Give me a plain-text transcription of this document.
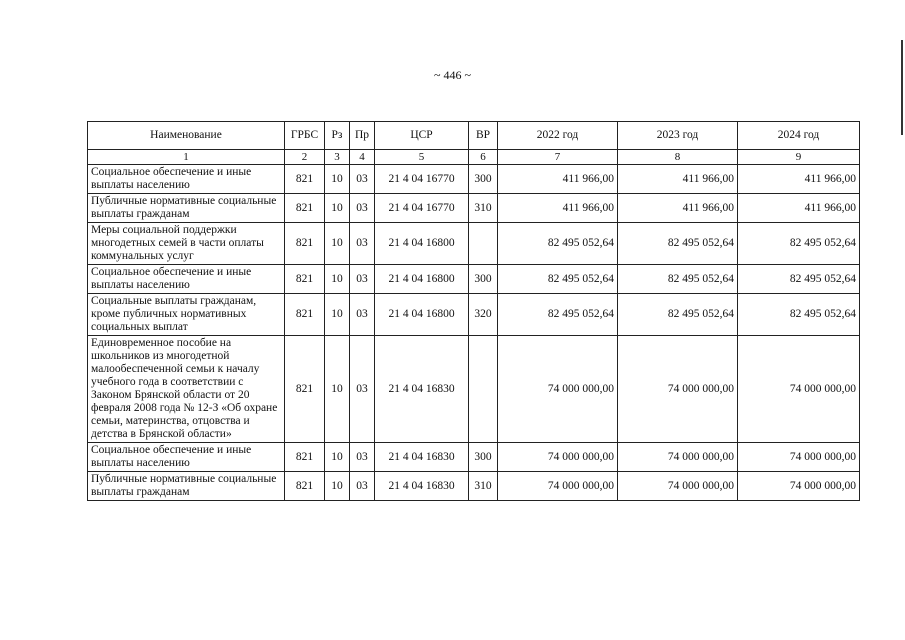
~ 446 ~
Наименование	ГРБС	Рз	Пр	ЦСР	ВР	2022 год	2023 год	2024 год
1	2	3	4	5	6	7	8	9
Социальное обеспечение и иные выплаты населению	821	10	03	21 4 04 16770	300	411 966,00	411 966,00	411 966,00
Публичные нормативные социальные выплаты гражданам	821	10	03	21 4 04 16770	310	411 966,00	411 966,00	411 966,00
Меры социальной поддержки многодетных семей в части оплаты коммунальных услуг	821	10	03	21 4 04 16800		82 495 052,64	82 495 052,64	82 495 052,64
Социальное обеспечение и иные выплаты населению	821	10	03	21 4 04 16800	300	82 495 052,64	82 495 052,64	82 495 052,64
Социальные выплаты гражданам, кроме публичных нормативных социальных выплат	821	10	03	21 4 04 16800	320	82 495 052,64	82 495 052,64	82 495 052,64
Единовременное пособие на школьников из многодетной малообеспеченной семьи к началу учебного года в соответствии с Законом Брянской области от 20 февраля 2008 года № 12-З «Об охране семьи, материнства, отцовства и детства в Брянской области»	821	10	03	21 4 04 16830		74 000 000,00	74 000 000,00	74 000 000,00
Социальное обеспечение и иные выплаты населению	821	10	03	21 4 04 16830	300	74 000 000,00	74 000 000,00	74 000 000,00
Публичные нормативные социальные выплаты гражданам	821	10	03	21 4 04 16830	310	74 000 000,00	74 000 000,00	74 000 000,00
